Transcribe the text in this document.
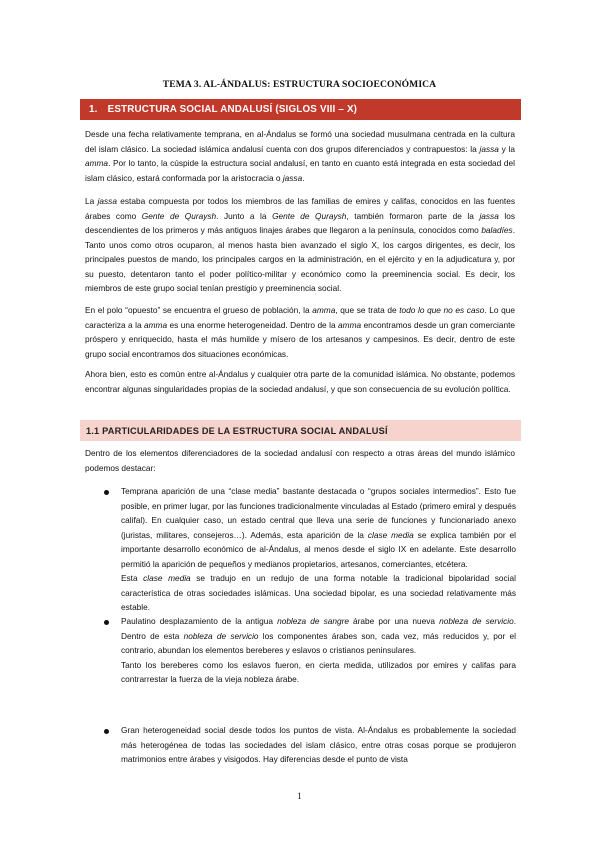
TEMA 3. AL-ÁNDALUS: ESTRUCTURA SOCIOECONÓMICA
1. ESTRUCTURA SOCIAL ANDALUSÍ (SIGLOS VIII – X)

Desde una fecha relativamente temprana, en al-Ándalus se formó una sociedad musulmana centrada en la cultura del islam clásico. La sociedad islámica andalusí cuenta con dos grupos diferenciados y contrapuestos: la jassa y la amma. Por lo tanto, la cúspide la estructura social andalusí, en tanto en cuanto está integrada en esta sociedad del islam clásico, estará conformada por la aristocracia o jassa.

La jassa estaba compuesta por todos los miembros de las familias de emires y califas, conocidos en las fuentes árabes como Gente de Quraysh. Junto a la Gente de Quraysh, también formaron parte de la jassa los descendientes de los primeros y más antiguos linajes árabes que llegaron a la península, conocidos como baladíes. Tanto unos como otros ocuparon, al menos hasta bien avanzado el siglo X, los cargos dirigentes, es decir, los principales puestos de mando, los principales cargos en la administración, en el ejército y en la adjudicatura y, por su puesto, detentaron tanto el poder político-militar y económico como la preeminencia social. Es decir, los miembros de este grupo social tenían prestigio y preeminencia social.

En el polo “opuesto” se encuentra el grueso de población, la amma, que se trata de todo lo que no es caso. Lo que caracteriza a la amma es una enorme heterogeneidad. Dentro de la amma encontramos desde un gran comerciante próspero y enriquecido, hasta el más humilde y mísero de los artesanos y campesinos. Es decir, dentro de este grupo social encontramos dos situaciones económicas.

Ahora bien, esto es común entre al-Ándalus y cualquier otra parte de la comunidad islámica. No obstante, podemos encontrar algunas singularidades propias de la sociedad andalusí, y que son consecuencia de su evolución política.

1.1 PARTICULARIDADES DE LA ESTRUCTURA SOCIAL ANDALUSÍ

Dentro de los elementos diferenciadores de la sociedad andalusí con respecto a otras áreas del mundo islámico podemos destacar:

Temprana aparición de una “clase media” bastante destacada o “grupos sociales intermedios”. Esto fue posible, en primer lugar, por las funciones tradicionalmente vinculadas al Estado (primero emiral y después califal). En cualquier caso, un estado central que lleva una serie de funciones y funcionariado anexo (juristas, militares, consejeros…). Además, esta aparición de la clase media se explica también por el importante desarrollo económico de al-Ándalus, al menos desde el siglo IX en adelante. Este desarrollo permitió la aparición de pequeños y medianos propietarios, artesanos, comerciantes, etcétera.
Esta clase media se tradujo en un redujo de una forma notable la tradicional bipolaridad social característica de otras sociedades islámicas. Una sociedad bipolar, es una sociedad relativamente más estable.

Paulatino desplazamiento de la antigua nobleza de sangre árabe por una nueva nobleza de servicio. Dentro de esta nobleza de servicio los componentes árabes son, cada vez, más reducidos y, por el contrario, abundan los elementos bereberes y eslavos o cristianos peninsulares.
Tanto los bereberes como los eslavos fueron, en cierta medida, utilizados por emires y califas para contrarrestar la fuerza de la vieja nobleza árabe.

Gran heterogeneidad social desde todos los puntos de vista. Al-Ándalus es probablemente la sociedad más heterogénea de todas las sociedades del islam clásico, entre otras cosas porque se produjeron matrimonios entre árabes y visigodos. Hay diferencias desde el punto de vista

1
